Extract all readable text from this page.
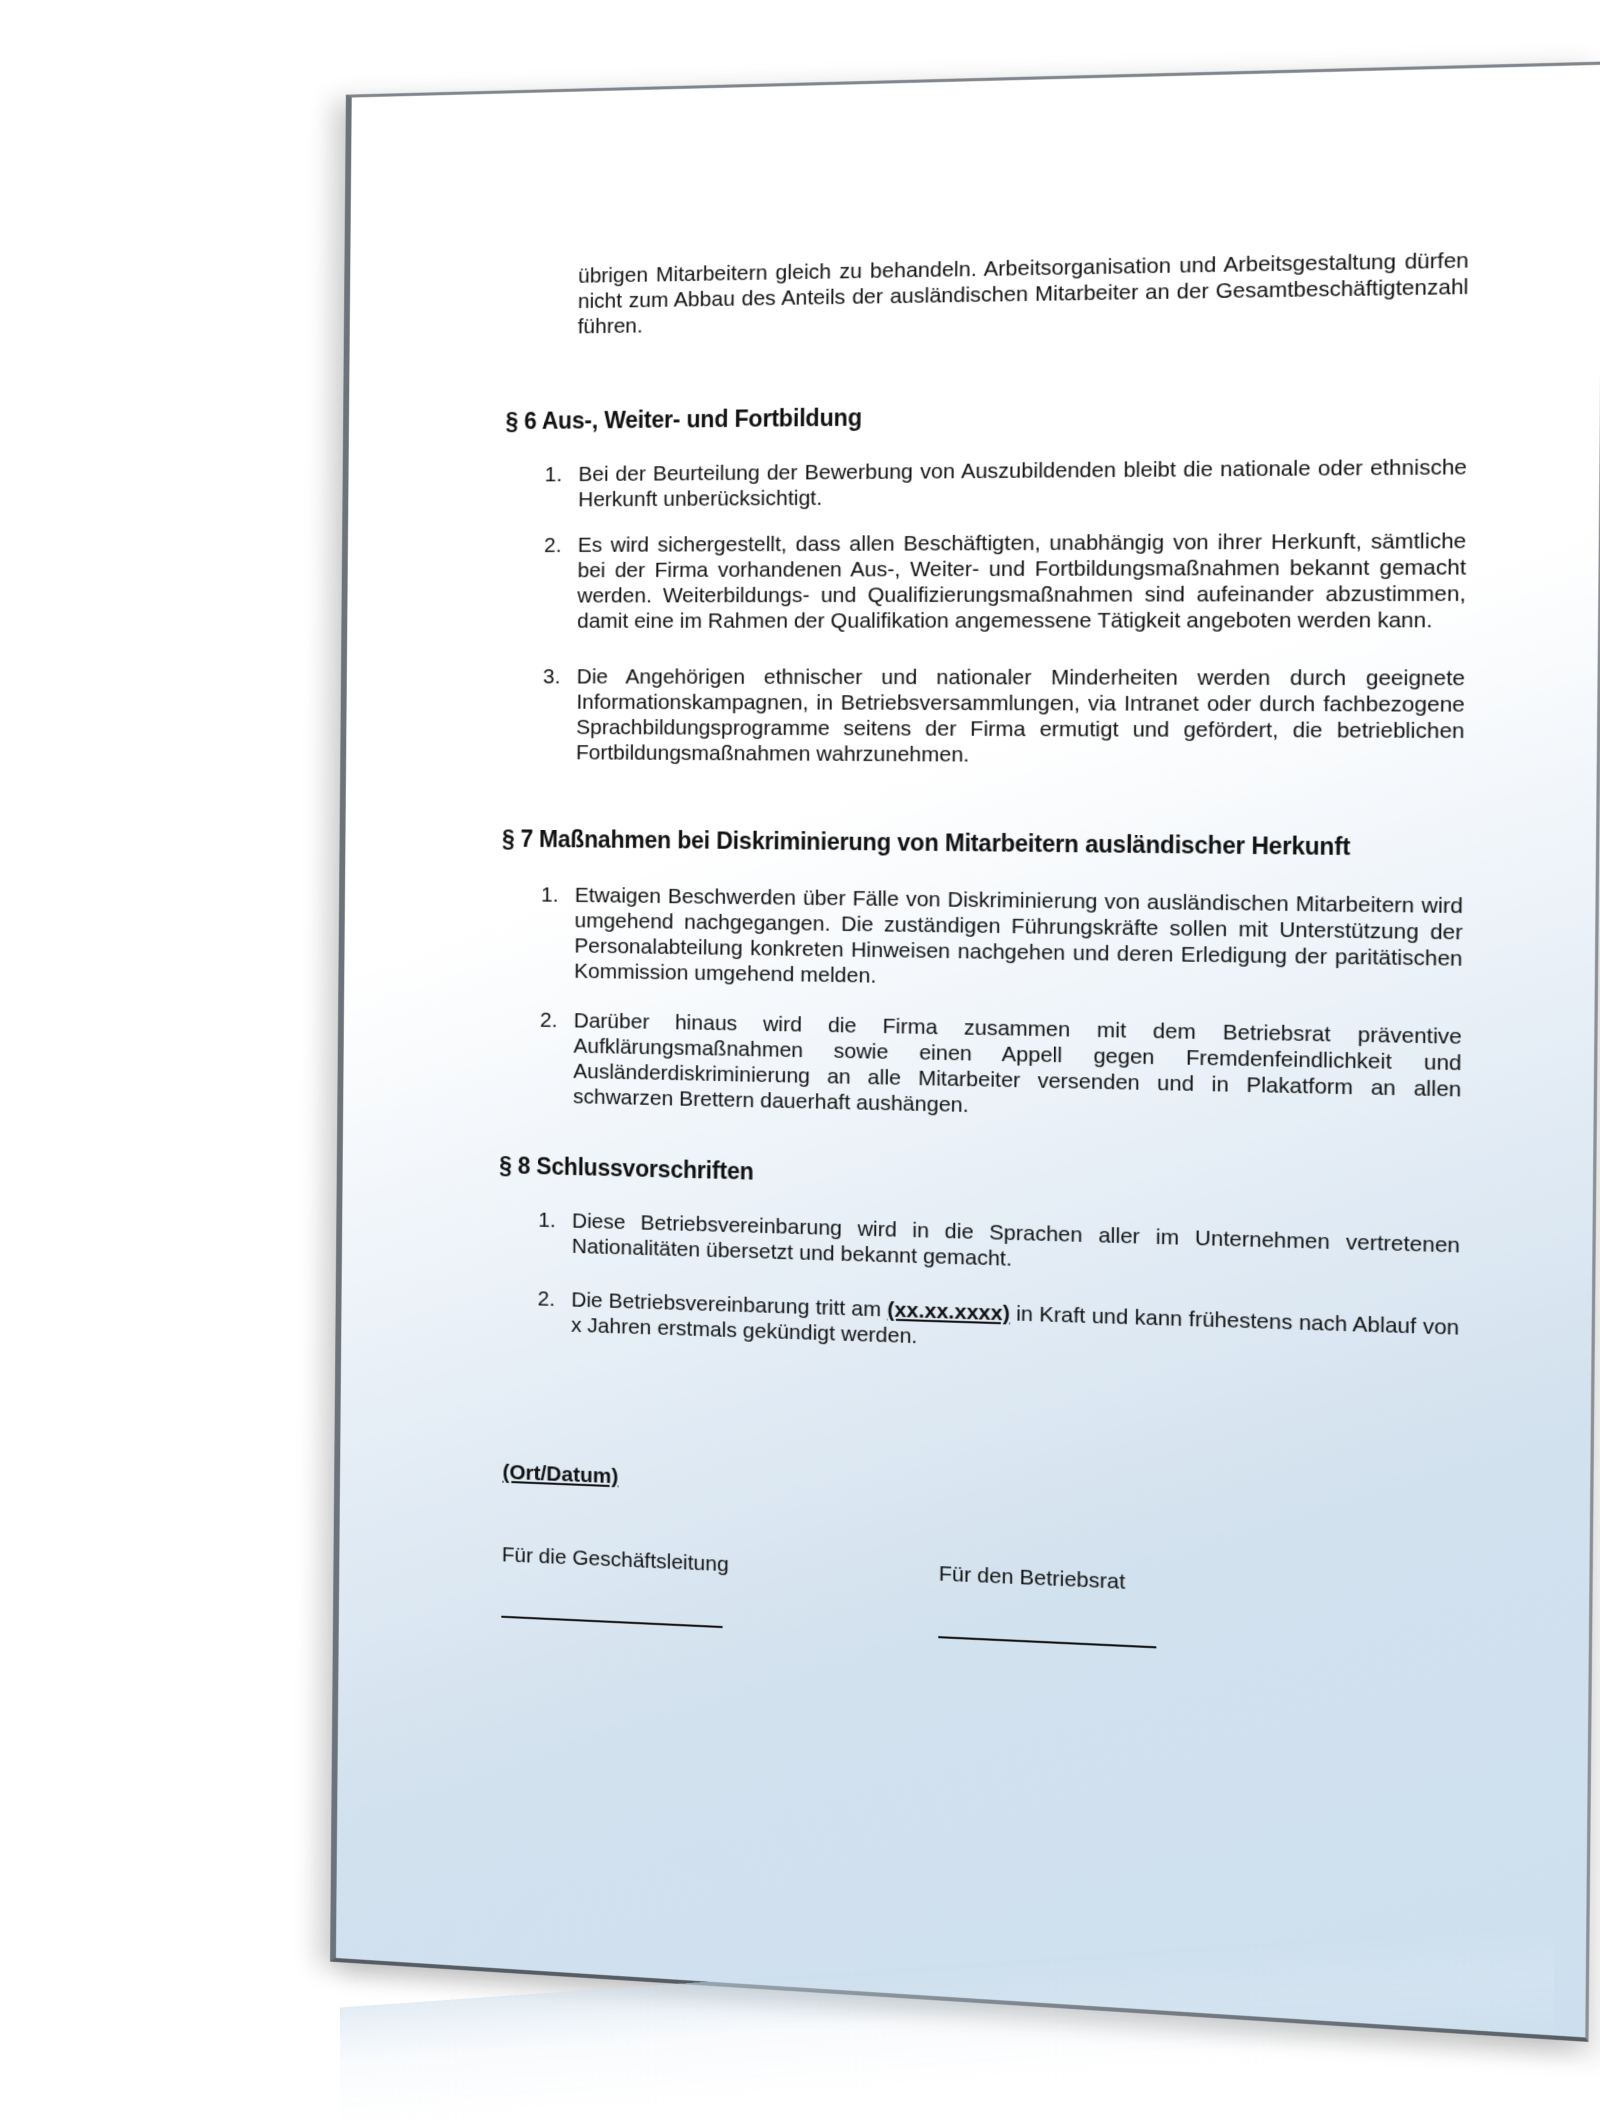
übrigen Mitarbeitern gleich zu behandeln. Arbeitsorganisation und Arbeitsgestaltung dürfen nicht zum Abbau des Anteils der ausländischen Mitarbeiter an der Gesamtbeschäftigtenzahl führen.
§ 6 Aus-, Weiter- und Fortbildung
1. Bei der Beurteilung der Bewerbung von Auszubildenden bleibt die nationale oder ethnische Herkunft unberücksichtigt.
2. Es wird sichergestellt, dass allen Beschäftigten, unabhängig von ihrer Herkunft, sämtliche bei der Firma vorhandenen Aus-, Weiter- und Fortbildungsmaßnahmen bekannt gemacht werden. Weiterbildungs- und Qualifizierungsmaßnahmen sind aufeinander abzustimmen, damit eine im Rahmen der Qualifikation angemessene Tätigkeit angeboten werden kann.
3. Die Angehörigen ethnischer und nationaler Minderheiten werden durch geeignete Informationskampagnen, in Betriebsversammlungen, via Intranet oder durch fachbezogene Sprachbildungsprogramme seitens der Firma ermutigt und gefördert, die betrieblichen Fortbildungsmaßnahmen wahrzunehmen.
§ 7 Maßnahmen bei Diskriminierung von Mitarbeitern ausländischer Herkunft
1. Etwaigen Beschwerden über Fälle von Diskriminierung von ausländischen Mitarbeitern wird umgehend nachgegangen. Die zuständigen Führungskräfte sollen mit Unterstützung der Personalabteilung konkreten Hinweisen nachgehen und deren Erledigung der paritätischen Kommission umgehend melden.
2. Darüber hinaus wird die Firma zusammen mit dem Betriebsrat präventive Aufklärungsmaßnahmen sowie einen Appell gegen Fremdenfeindlichkeit und Ausländerdiskriminierung an alle Mitarbeiter versenden und in Plakatform an allen schwarzen Brettern dauerhaft aushängen.
§ 8 Schlussvorschriften
1. Diese Betriebsvereinbarung wird in die Sprachen aller im Unternehmen vertretenen Nationalitäten übersetzt und bekannt gemacht.
2. Die Betriebsvereinbarung tritt am (xx.xx.xxxx) in Kraft und kann frühestens nach Ablauf von x Jahren erstmals gekündigt werden.
(Ort/Datum)
Für die Geschäftsleitung
Für den Betriebsrat
